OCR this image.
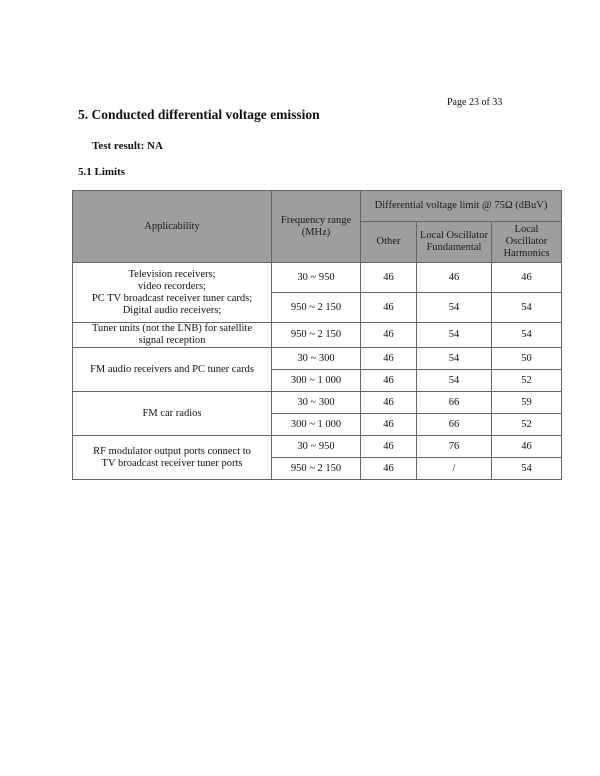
Page 23 of 33
5. Conducted differential voltage emission
Test result: NA
5.1 Limits
Applicability	Frequency range (MHz)	Differential voltage limit @ 75Ω (dBuV)		
		Other	Local Oscillator Fundamental	Local Oscillator Harmonics
Television receivers;
video recorders;
PC TV broadcast receiver tuner cards;
Digital audio receivers;	30 ~ 950	46	46	46
	950 ~ 2 150	46	54	54
Tuner units (not the LNB) for satellite
signal reception	950 ~ 2 150	46	54	54
FM audio receivers and PC tuner cards	30 ~ 300	46	54	50
	300 ~ 1 000	46	54	52
FM car radios	30 ~ 300	46	66	59
	300 ~ 1 000	46	66	52
RF modulator output ports connect to
TV broadcast receiver tuner ports	30 ~ 950	46	76	46
	950 ~ 2 150	46	/	54
